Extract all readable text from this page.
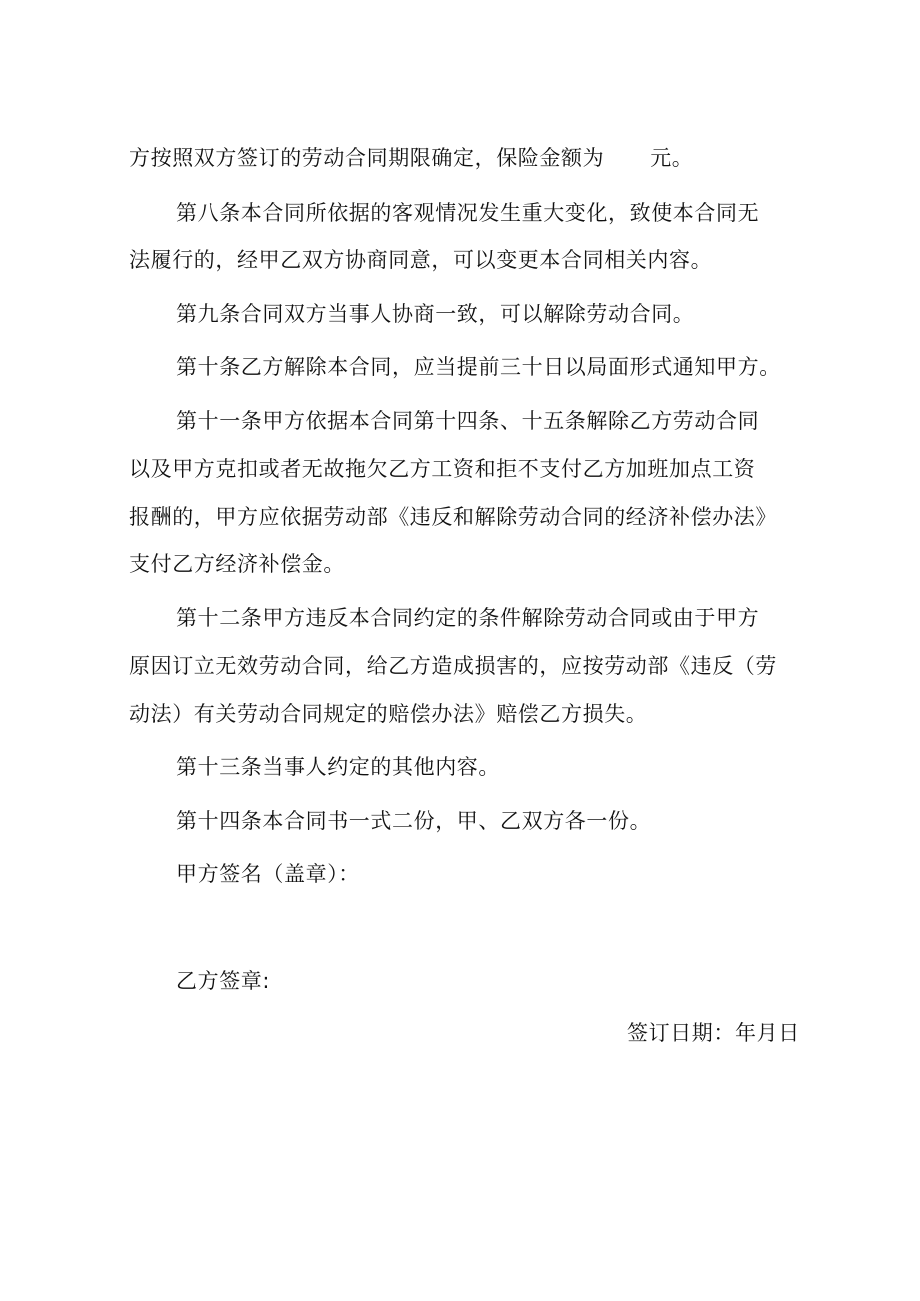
方按照双方签订的劳动合同期限确定，保险金额为 元。
第八条本合同所依据的客观情况发生重大变化，致使本合同无
法履行的，经甲乙双方协商同意，可以变更本合同相关内容。
第九条合同双方当事人协商一致，可以解除劳动合同。
第十条乙方解除本合同，应当提前三十日以局面形式通知甲方。
第十一条甲方依据本合同第十四条、十五条解除乙方劳动合同
以及甲方克扣或者无故拖欠乙方工资和拒不支付乙方加班加点工资
报酬的，甲方应依据劳动部《违反和解除劳动合同的经济补偿办法》
支付乙方经济补偿金。
第十二条甲方违反本合同约定的条件解除劳动合同或由于甲方
原因订立无效劳动合同，给乙方造成损害的，应按劳动部《违反（劳
动法）有关劳动合同规定的赔偿办法》赔偿乙方损失。
第十三条当事人约定的其他内容。
第十四条本合同书一式二份，甲、乙双方各一份。
甲方签名（盖章）：
乙方签章:
签订日期：年月日
